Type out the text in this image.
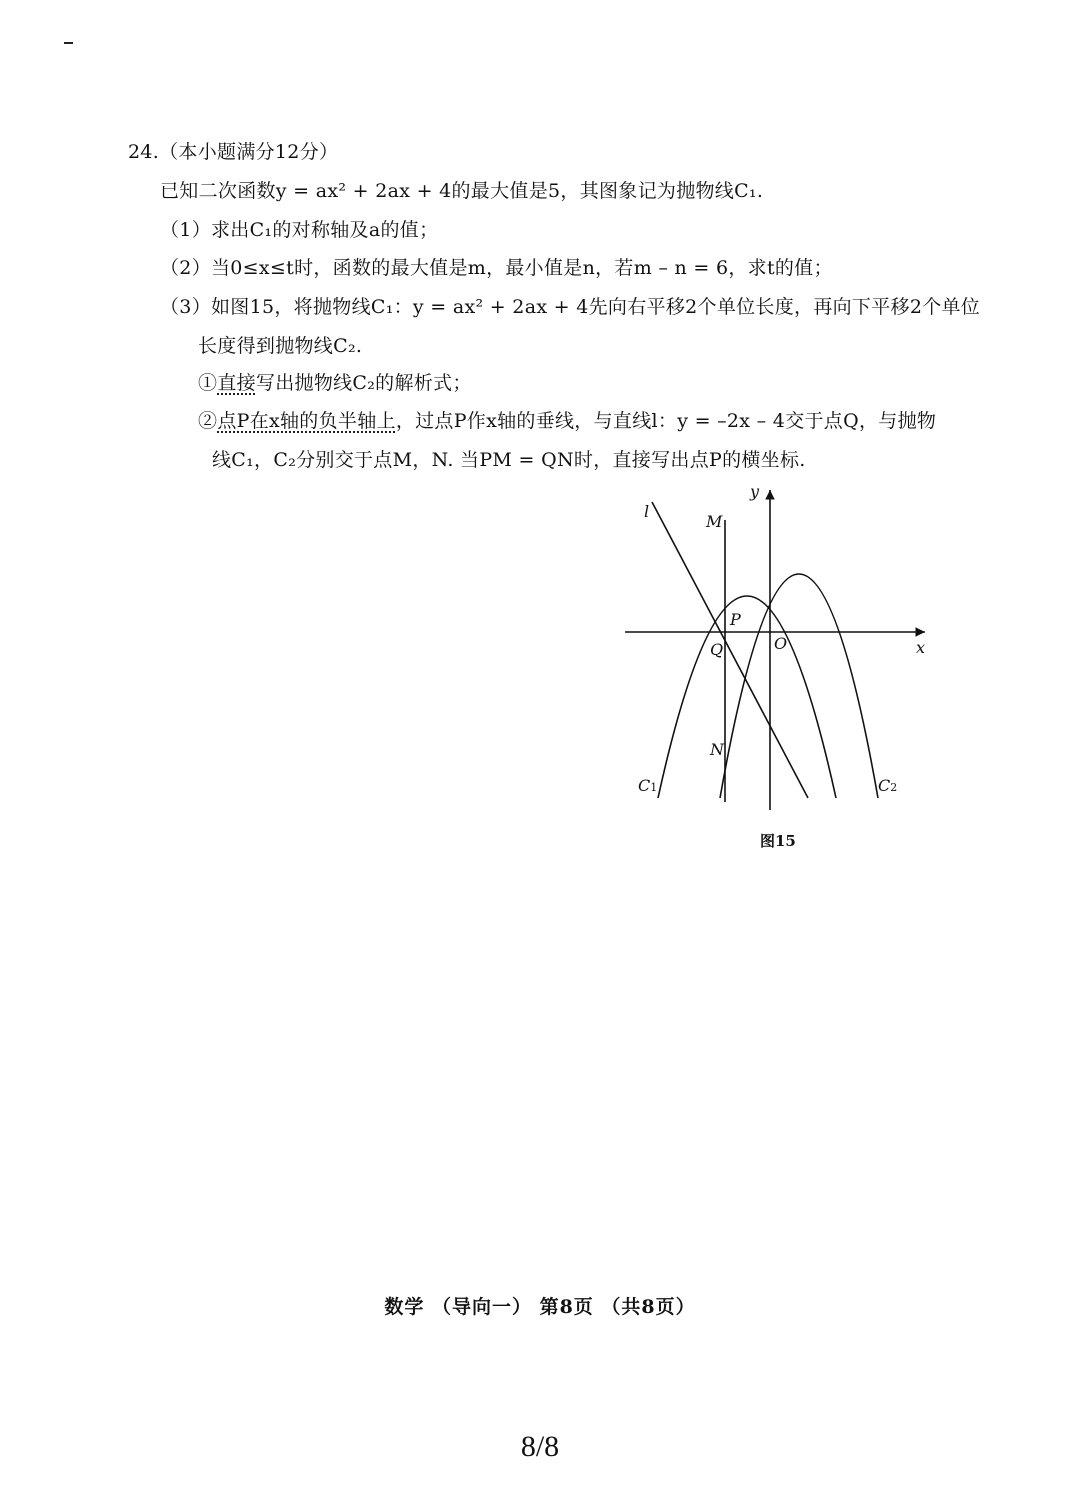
24.（本小题满分12分）
已知二次函数y = ax² + 2ax + 4的最大值是5，其图象记为抛物线C₁.
（1）求出C₁的对称轴及a的值；
（2）当0≤x≤t时，函数的最大值是m，最小值是n，若m – n = 6，求t的值；
（3）如图15，将抛物线C₁：y = ax² + 2ax + 4先向右平移2个单位长度，再向下平移2个单位
长度得到抛物线C₂.
①直接写出抛物线C₂的解析式；
②点P在x轴的负半轴上，过点P作x轴的垂线，与直线l：y = –2x – 4交于点Q，与抛物
线C₁，C₂分别交于点M，N. 当PM = QN时，直接写出点P的横坐标.
y
x
O
l
M
P
Q
N
C1	C2
图15
数学 （导向一） 第8页 （共8页）
8/8
